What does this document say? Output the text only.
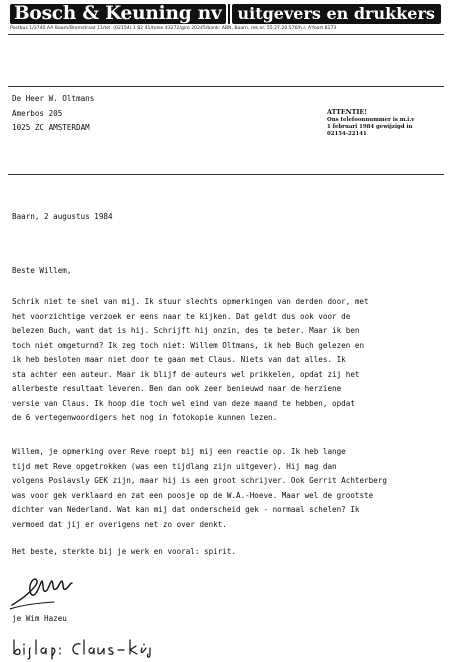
Bosch & Keuning nv	uitgevers en drukkers
Postbus 1/3740 AA Baarn/Bremstraat 11/tel. (02154) 1 82 41/telex 43272/giro 20245/bank: ABN, Baarn, rek.nr. 55.27.20.576/h.r. A'foort 8173
De Heer W. Oltmans
Amerbos 205
1025 ZC AMSTERDAM
ATTENTIE!
Ons telefoonnummer is m.i.v
1 februari 1984 gewijzigd in
02154-22141
Baarn, 2 augustus 1984
Beste Willem,
Schrik niet te snel van mij. Ik stuur slechts opmerkingen van derden door, met
het voorzichtige verzoek er eens naar te kijken. Dat geldt dus ook voor de
belezen Buch, want dat is hij. Schrijft hij onzin, des te beter. Maar ik ben
toch niet omgeturnd? Ik zeg toch niet: Willem Oltmans, ik heb Buch gelezen en
ik heb besloten maar niet door te gaan met Claus. Niets van dat alles. Ik
sta achter een auteur. Maar ik blijf de auteurs wel prikkelen, opdat zij het
allerbeste resultaat leveren. Ben dan ook zeer benieuwd naar de herziene
versie van Claus. Ik hoop die toch wel eind van deze maand te hebben, opdat
de 6 vertegenwoordigers het nog in fotokopie kunnen lezen.
Willem, je opmerking over Reve roept bij mij een reactie op. Ik heb lange
tijd met Reve opgetrokken (was een tijdlang zijn uitgever). Hij mag dan
volgens Poslavsly GEK zijn, maar hij is een groot schrijver. Ook Gerrit Achterberg
was voor gek verklaard en zat een poosje op de W.A.-Hoeve. Maar wel de grootste
dichter van Nederland. Wat kan mij dat onderscheid gek - normaal schelen? Ik
vermoed dat jij er overigens net zo over denkt.
Het beste, sterkte bij je werk en vooral: spirit.
je Wim Hazeu
